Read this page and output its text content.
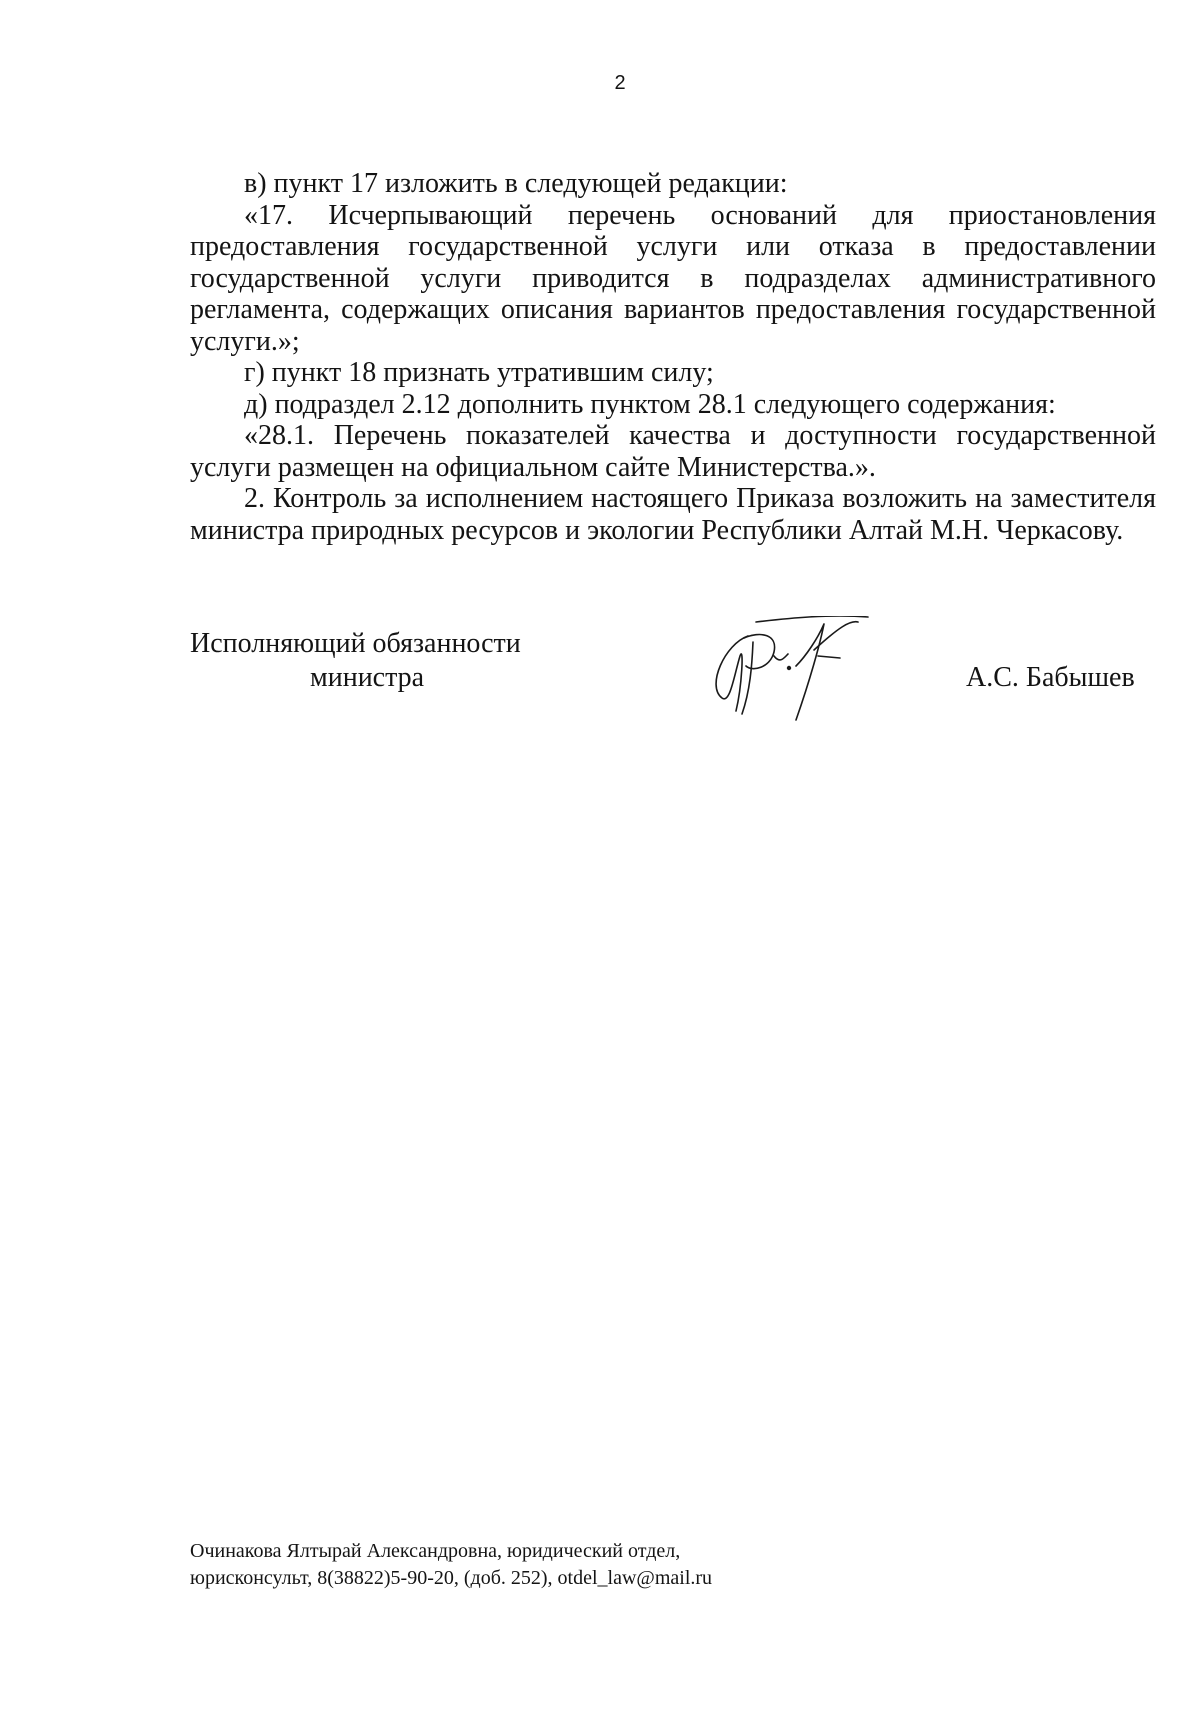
2

в) пункт 17 изложить в следующей редакции:

«17. Исчерпывающий перечень оснований для приостановления предоставления государственной услуги или отказа в предоставлении государственной услуги приводится в подразделах административного регламента, содержащих описания вариантов предоставления государственной услуги.»;

г) пункт 18 признать утратившим силу;

д) подраздел 2.12 дополнить пунктом 28.1 следующего содержания:

«28.1. Перечень показателей качества и доступности государственной услуги размещен на официальном сайте Министерства.».

2. Контроль за исполнением настоящего Приказа возложить на заместителя министра природных ресурсов и экологии Республики Алтай М.Н. Черкасову.

Исполняющий обязанности
министра	А.С. Бабышев
Очинакова Ялтырай Александровна, юридический отдел,
юрисконсульт, 8(38822)5-90-20, (доб. 252), otdel_law@mail.ru
